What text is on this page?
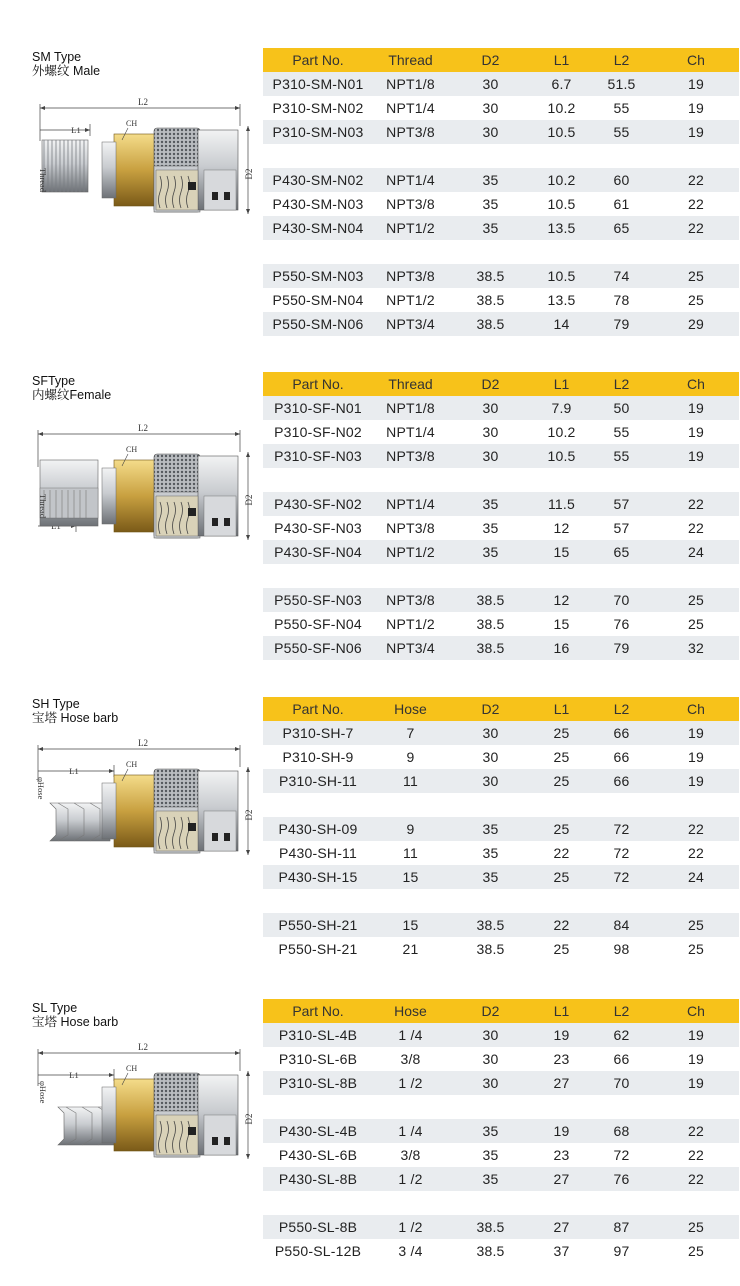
SM Type
外螺纹 Male
L2
L1
D2
Thread
CH
Part No.	Thread	D2	L1	L2	Ch
P310-SM-N01	NPT1/8	30	6.7	51.5	19
P310-SM-N02	NPT1/4	30	10.2	55	19
P310-SM-N03	NPT3/8	30	10.5	55	19

P430-SM-N02	NPT1/4	35	10.2	60	22
P430-SM-N03	NPT3/8	35	10.5	61	22
P430-SM-N04	NPT1/2	35	13.5	65	22

P550-SM-N03	NPT3/8	38.5	10.5	74	25
P550-SM-N04	NPT1/2	38.5	13.5	78	25
P550-SM-N06	NPT3/4	38.5	14	79	29
SFType
内螺纹Female
L2
D2
Thread
CH
Part No.	Thread	D2	L1	L2	Ch
P310-SF-N01	NPT1/8	30	7.9	50	19
P310-SF-N02	NPT1/4	30	10.2	55	19
P310-SF-N03	NPT3/8	30	10.5	55	19

P430-SF-N02	NPT1/4	35	11.5	57	22
P430-SF-N03	NPT3/8	35	12	57	22
P430-SF-N04	NPT1/2	35	15	65	24

P550-SF-N03	NPT3/8	38.5	12	70	25
P550-SF-N04	NPT1/2	38.5	15	76	25
P550-SF-N06	NPT3/4	38.5	16	79	32
SH Type
宝塔 Hose barb
L2
L1
D2
φHose
CH
Part No.	Hose	D2	L1	L2	Ch
P310-SH-7	7	30	25	66	19
P310-SH-9	9	30	25	66	19
P310-SH-11	11	30	25	66	19

P430-SH-09	9	35	25	72	22
P430-SH-11	11	35	22	72	22
P430-SH-15	15	35	25	72	24

P550-SH-21	15	38.5	22	84	25
P550-SH-21	21	38.5	25	98	25
SL Type
宝塔 Hose barb
L2
L1
D2
φHose
CH
Part No.	Hose	D2	L1	L2	Ch
P310-SL-4B	1 /4	30	19	62	19
P310-SL-6B	3/8	30	23	66	19
P310-SL-8B	1 /2	30	27	70	19

P430-SL-4B	1 /4	35	19	68	22
P430-SL-6B	3/8	35	23	72	22
P430-SL-8B	1 /2	35	27	76	22

P550-SL-8B	1 /2	38.5	27	87	25
P550-SL-12B	3 /4	38.5	37	97	25
